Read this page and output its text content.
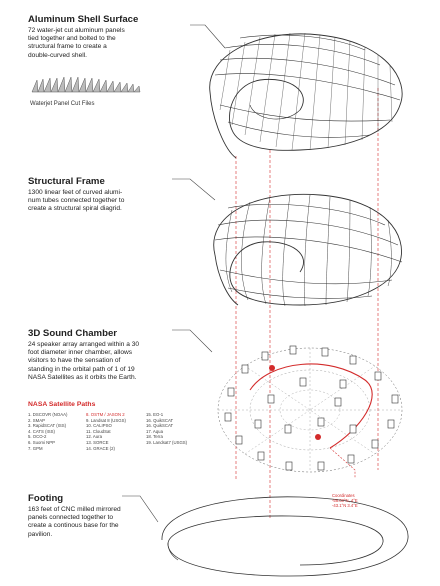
Aluminum Shell Surface

72 water-jet cut aluminum panels
tied together and bolted to the
structural frame to create a
double-curved shell.

Waterjet Panel Cut Files

Structural Frame

1300 linear feet of curved alumi-
num tubes connected together to
create a structural spiral diagrid.

3D Sound Chamber

24 speaker array arranged within a 30
foot diameter inner chamber, allows
visitors to have the sensation of
standing in the orbital path of 1 of 19
NASA Satellites as it orbits the Earth.

NASA Satellite Paths
1. DSCOVR (NOAA)	8. OSTM / JASON 2	15. EO-1
2. SMAP	9. Landsat 8 (USGS)	16. QuikSCAT
3. RapidSCAT (ISS)	10. CALIPSO	16. QuikSCAT
4. CATS (ISS)	11. CloudSat	17. Aqua
5. OCO-2	12. Aura	18. Terra
6. Suomi NPP	13. SORCE	19. Landsat7 (USGS)
7. GPM	14. GRACE (2)
Coordinates
-56.03°N, 4°E
-43.1°N 3.4°E

Footing

163 feet of CNC milled mirrored
panels connected together to
create a continous base for the
pavilion.
